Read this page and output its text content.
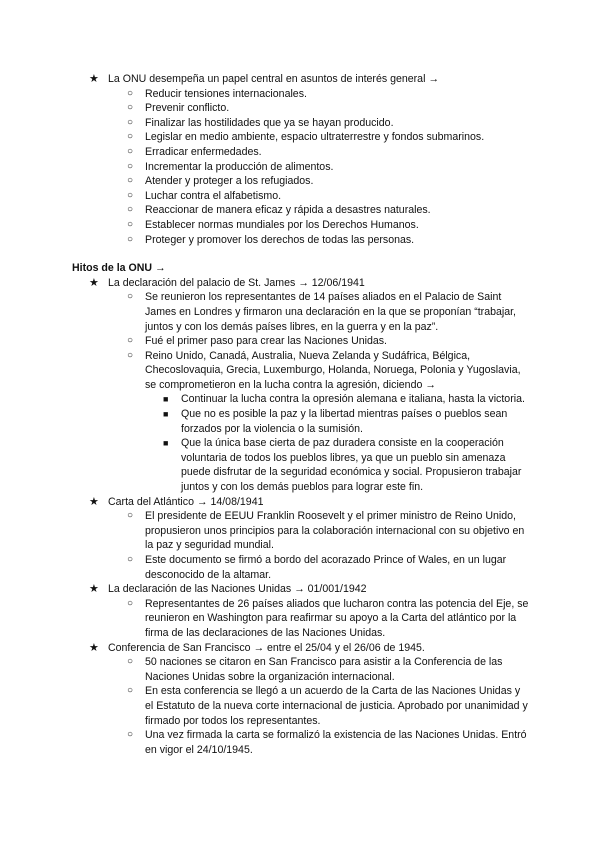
★ La ONU desempeña un papel central en asuntos de interés general →
○ Reducir tensiones internacionales.
○ Prevenir conflicto.
○ Finalizar las hostilidades que ya se hayan producido.
○ Legislar en medio ambiente, espacio ultraterrestre y fondos submarinos.
○ Erradicar enfermedades.
○ Incrementar la producción de alimentos.
○ Atender y proteger a los refugiados.
○ Luchar contra el alfabetismo.
○ Reaccionar de manera eficaz y rápida a desastres naturales.
○ Establecer normas mundiales por los Derechos Humanos.
○ Proteger y promover los derechos de todas las personas.
Hitos de la ONU →
★ La declaración del palacio de St. James → 12/06/1941
○ Se reunieron los representantes de 14 países aliados en el Palacio de Saint James en Londres y firmaron una declaración en la que se proponían “trabajar, juntos y con los demás países libres, en la guerra y en la paz”.
○ Fué el primer paso para crear las Naciones Unidas.
○ Reino Unido, Canadá, Australia, Nueva Zelanda y Sudáfrica, Bélgica, Checoslovaquia, Grecia, Luxemburgo, Holanda, Noruega, Polonia y Yugoslavia, se comprometieron en la lucha contra la agresión, diciendo →
■ Continuar la lucha contra la opresión alemana e italiana, hasta la victoria.
■ Que no es posible la paz y la libertad mientras países o pueblos sean forzados por la violencia o la sumisión.
■ Que la única base cierta de paz duradera consiste en la cooperación voluntaria de todos los pueblos libres, ya que un pueblo sin amenaza puede disfrutar de la seguridad económica y social. Propusieron trabajar juntos y con los demás pueblos para lograr este fin.
★ Carta del Atlántico → 14/08/1941
○ El presidente de EEUU Franklin Roosevelt y el primer ministro de Reino Unido, propusieron unos principios para la colaboración internacional con su objetivo en la paz y seguridad mundial.
○ Este documento se firmó a bordo del acorazado Prince of Wales, en un lugar desconocido de la altamar.
★ La declaración de las Naciones Unidas → 01/001/1942
○ Representantes de 26 países aliados que lucharon contra las potencia del Eje, se reunieron en Washington para reafirmar su apoyo a la Carta del atlántico por la firma de las declaraciones de las Naciones Unidas.
★ Conferencia de San Francisco → entre el 25/04 y el 26/06 de 1945.
○ 50 naciones se citaron en San Francisco para asistir a la Conferencia de las Naciones Unidas sobre la organización internacional.
○ En esta conferencia se llegó a un acuerdo de la Carta de las Naciones Unidas y el Estatuto de la nueva corte internacional de justicia. Aprobado por unanimidad y firmado por todos los representantes.
○ Una vez firmada la carta se formalizó la existencia de las Naciones Unidas. Entró en vigor el 24/10/1945.
